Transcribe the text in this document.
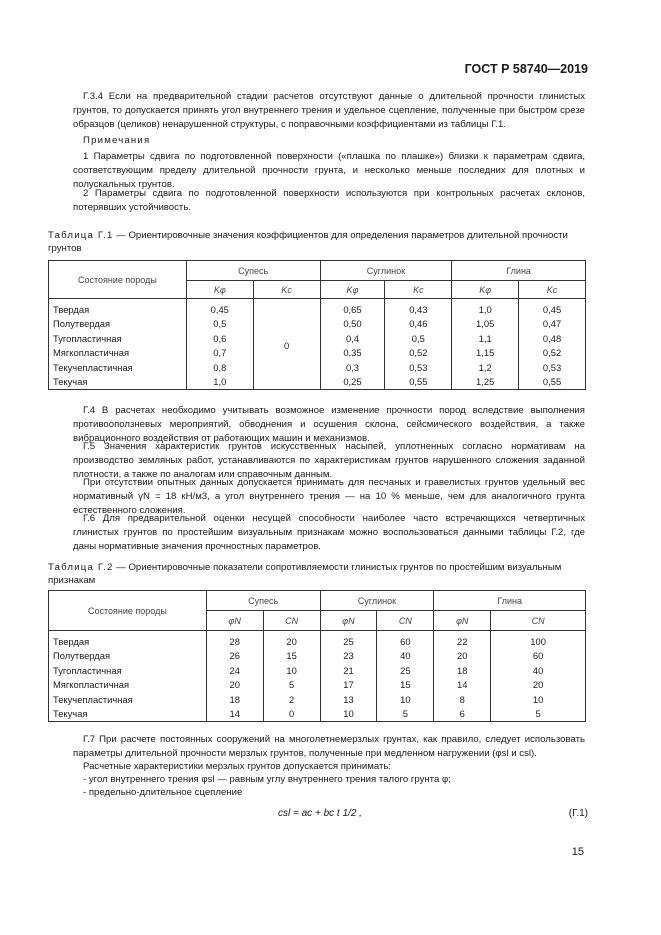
ГОСТ Р 58740—2019
Г.3.4 Если на предварительной стадии расчетов отсутствуют данные о длительной прочности глинистых грунтов, то допускается принять угол внутреннего трения и удельное сцепление, полученные при быстром срезе образцов (целиков) ненарушенной структуры, с поправочными коэффициентами из таблицы Г.1.
Примечания
1 Параметры сдвига по подготовленной поверхности («плашка по плашке») близки к параметрам сдвига, соответствующим пределу длительной прочности грунта, и несколько меньше последних для плотных и полускальных грунтов.
2 Параметры сдвига по подготовленной поверхности используются при контрольных расчетах склонов, потерявших устойчивость.
Таблица Г.1 — Ориентировочные значения коэффициентов для определения параметров длительной прочности грунтов
Состояние породы	Супесь		Суглинок		Глина	
	Kφ	Kc	Kφ	Kc	Kφ	Kc
Твердая	0,45	0	0,65	0,43	1,0	0,45
Полутвердая	0,5		0,50	0,46	1,05	0,47
Тугопластичная	0,6		0,4	0,5	1,1	0,48
Мягкопластичная	0,7		0,35	0,52	1,15	0,52
Текучепластичная	0,8		0,3	0,53	1,2	0,53
Текучая	1,0		0,25	0,55	1,25	0,55
Г.4 В расчетах необходимо учитывать возможное изменение прочности пород вследствие выполнения противооползневых мероприятий, обводнения и осушения склона, сейсмического воздействия, а также вибрационного воздействия от работающих машин и механизмов.
Г.5 Значения характеристик грунтов искусственных насыпей, уплотненных согласно нормативам на производство земляных работ, устанавливаются по характеристикам грунтов нарушенного сложения заданной плотности, а также по аналогам или справочным данным.
При отсутствии опытных данных допускается принимать для песчаных и гравелистых грунтов удельный вес нормативный γN = 18 кН/м3, а угол внутреннего трения — на 10 % меньше, чем для аналогичного грунта естественного сложения.
Г.6 Для предварительной оценки несущей способности наиболее часто встречающихся четвертичных глинистых грунтов по простейшим визуальным признакам можно воспользоваться данными таблицы Г.2, где даны нормативные значения прочностных параметров.
Таблица Г.2 — Ориентировочные показатели сопротивляемости глинистых грунтов по простейшим визуальным признакам
Состояние породы	Супесь		Суглинок		Глина	
	φN	CN	φN	CN	φN	CN
Твердая	28	20	25	60	22	100
Полутвердая	26	15	23	40	20	60
Тугопластичная	24	10	21	25	18	40
Мягкопластичная	20	5	17	15	14	20
Текучепластичная	18	2	13	10	8	10
Текучая	14	0	10	5	6	5
Г.7 При расчете постоянных сооружений на многолетнемерзлых грунтах, как правило, следует использовать параметры длительной прочности мерзлых грунтов, полученные при медленном нагружении (φsl и csl).
Расчетные характеристики мерзлых грунтов допускается принимать:
- угол внутреннего трения φsl — равным углу внутреннего трения талого грунта φ;
- предельно-длительное сцепление
csl = ac + bc t 1/2 ,	(Г.1)
15
